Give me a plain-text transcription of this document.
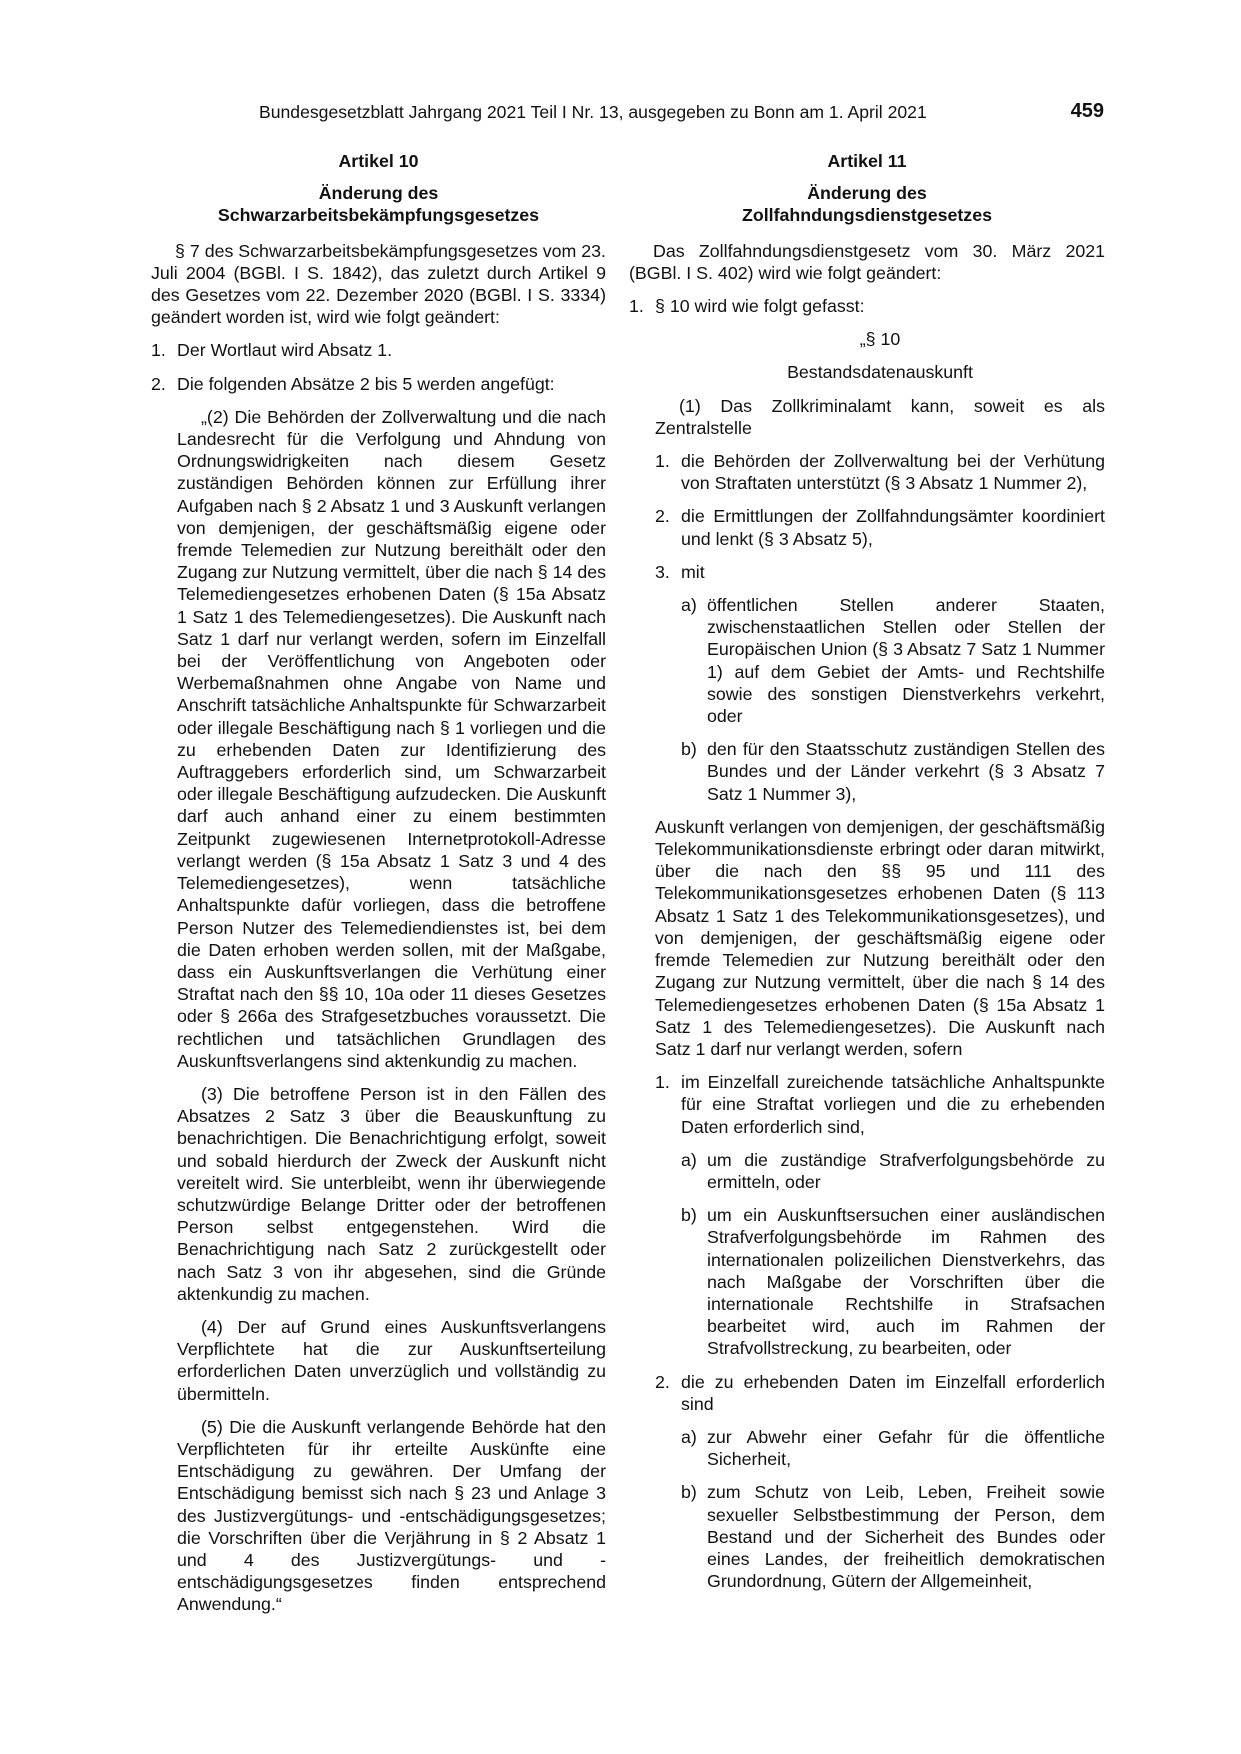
Bundesgesetzblatt Jahrgang 2021 Teil I Nr. 13, ausgegeben zu Bonn am 1. April 2021	459
Artikel 10
Änderung des
Schwarzarbeitsbekämpfungsgesetzes

§ 7 des Schwarzarbeitsbekämpfungsgesetzes vom 23. Juli 2004 (BGBl. I S. 1842), das zuletzt durch Artikel 9 des Gesetzes vom 22. Dezember 2020 (BGBl. I S. 3334) geändert worden ist, wird wie folgt geändert:

1. Der Wortlaut wird Absatz 1.
2. Die folgenden Absätze 2 bis 5 werden angefügt:

„(2) Die Behörden der Zollverwaltung und die nach Landesrecht für die Verfolgung und Ahndung von Ordnungswidrigkeiten nach diesem Gesetz zuständigen Behörden können zur Erfüllung ihrer Aufgaben nach § 2 Absatz 1 und 3 Auskunft verlangen von demjenigen, der geschäftsmäßig eigene oder fremde Telemedien zur Nutzung bereithält oder den Zugang zur Nutzung vermittelt, über die nach § 14 des Telemediengesetzes erhobenen Daten (§ 15a Absatz 1 Satz 1 des Telemediengesetzes). Die Auskunft nach Satz 1 darf nur verlangt werden, sofern im Einzelfall bei der Veröffentlichung von Angeboten oder Werbemaßnahmen ohne Angabe von Name und Anschrift tatsächliche Anhaltspunkte für Schwarzarbeit oder illegale Beschäftigung nach § 1 vorliegen und die zu erhebenden Daten zur Identifizierung des Auftraggebers erforderlich sind, um Schwarzarbeit oder illegale Beschäftigung aufzudecken. Die Auskunft darf auch anhand einer zu einem bestimmten Zeitpunkt zugewiesenen Internetprotokoll-Adresse verlangt werden (§ 15a Absatz 1 Satz 3 und 4 des Telemediengesetzes), wenn tatsächliche Anhaltspunkte dafür vorliegen, dass die betroffene Person Nutzer des Telemediendienstes ist, bei dem die Daten erhoben werden sollen, mit der Maßgabe, dass ein Auskunftsverlangen die Verhütung einer Straftat nach den §§ 10, 10a oder 11 dieses Gesetzes oder § 266a des Strafgesetzbuches voraussetzt. Die rechtlichen und tatsächlichen Grundlagen des Auskunftsverlangens sind aktenkundig zu machen.

(3) Die betroffene Person ist in den Fällen des Absatzes 2 Satz 3 über die Beauskunftung zu benachrichtigen. Die Benachrichtigung erfolgt, soweit und sobald hierdurch der Zweck der Auskunft nicht vereitelt wird. Sie unterbleibt, wenn ihr überwiegende schutzwürdige Belange Dritter oder der betroffenen Person selbst entgegenstehen. Wird die Benachrichtigung nach Satz 2 zurückgestellt oder nach Satz 3 von ihr abgesehen, sind die Gründe aktenkundig zu machen.

(4) Der auf Grund eines Auskunftsverlangens Verpflichtete hat die zur Auskunftserteilung erforderlichen Daten unverzüglich und vollständig zu übermitteln.

(5) Die die Auskunft verlangende Behörde hat den Verpflichteten für ihr erteilte Auskünfte eine Entschädigung zu gewähren. Der Umfang der Entschädigung bemisst sich nach § 23 und Anlage 3 des Justizvergütungs- und -entschädigungsgesetzes; die Vorschriften über die Verjährung in § 2 Absatz 1 und 4 des Justizvergütungs- und -entschädigungsgesetzes finden entsprechend Anwendung.“

Artikel 11
Änderung des
Zollfahndungsdienstgesetzes

Das Zollfahndungsdienstgesetz vom 30. März 2021 (BGBl. I S. 402) wird wie folgt geändert:

1. § 10 wird wie folgt gefasst:

„§ 10

Bestandsdatenauskunft

(1) Das Zollkriminalamt kann, soweit es als Zentralstelle

1. die Behörden der Zollverwaltung bei der Verhütung von Straftaten unterstützt (§ 3 Absatz 1 Nummer 2),
2. die Ermittlungen der Zollfahndungsämter koordiniert und lenkt (§ 3 Absatz 5),
3. mit
a) öffentlichen Stellen anderer Staaten, zwischenstaatlichen Stellen oder Stellen der Europäischen Union (§ 3 Absatz 7 Satz 1 Nummer 1) auf dem Gebiet der Amts- und Rechtshilfe sowie des sonstigen Dienstverkehrs verkehrt, oder
b) den für den Staatsschutz zuständigen Stellen des Bundes und der Länder verkehrt (§ 3 Absatz 7 Satz 1 Nummer 3),

Auskunft verlangen von demjenigen, der geschäftsmäßig Telekommunikationsdienste erbringt oder daran mitwirkt, über die nach den §§ 95 und 111 des Telekommunikationsgesetzes erhobenen Daten (§ 113 Absatz 1 Satz 1 des Telekommunikationsgesetzes), und von demjenigen, der geschäftsmäßig eigene oder fremde Telemedien zur Nutzung bereithält oder den Zugang zur Nutzung vermittelt, über die nach § 14 des Telemediengesetzes erhobenen Daten (§ 15a Absatz 1 Satz 1 des Telemediengesetzes). Die Auskunft nach Satz 1 darf nur verlangt werden, sofern

1. im Einzelfall zureichende tatsächliche Anhaltspunkte für eine Straftat vorliegen und die zu erhebenden Daten erforderlich sind,
a) um die zuständige Strafverfolgungsbehörde zu ermitteln, oder
b) um ein Auskunftsersuchen einer ausländischen Strafverfolgungsbehörde im Rahmen des internationalen polizeilichen Dienstverkehrs, das nach Maßgabe der Vorschriften über die internationale Rechtshilfe in Strafsachen bearbeitet wird, auch im Rahmen der Strafvollstreckung, zu bearbeiten, oder
2. die zu erhebenden Daten im Einzelfall erforderlich sind
a) zur Abwehr einer Gefahr für die öffentliche Sicherheit,
b) zum Schutz von Leib, Leben, Freiheit sowie sexueller Selbstbestimmung der Person, dem Bestand und der Sicherheit des Bundes oder eines Landes, der freiheitlich demokratischen Grundordnung, Gütern der Allgemeinheit,
